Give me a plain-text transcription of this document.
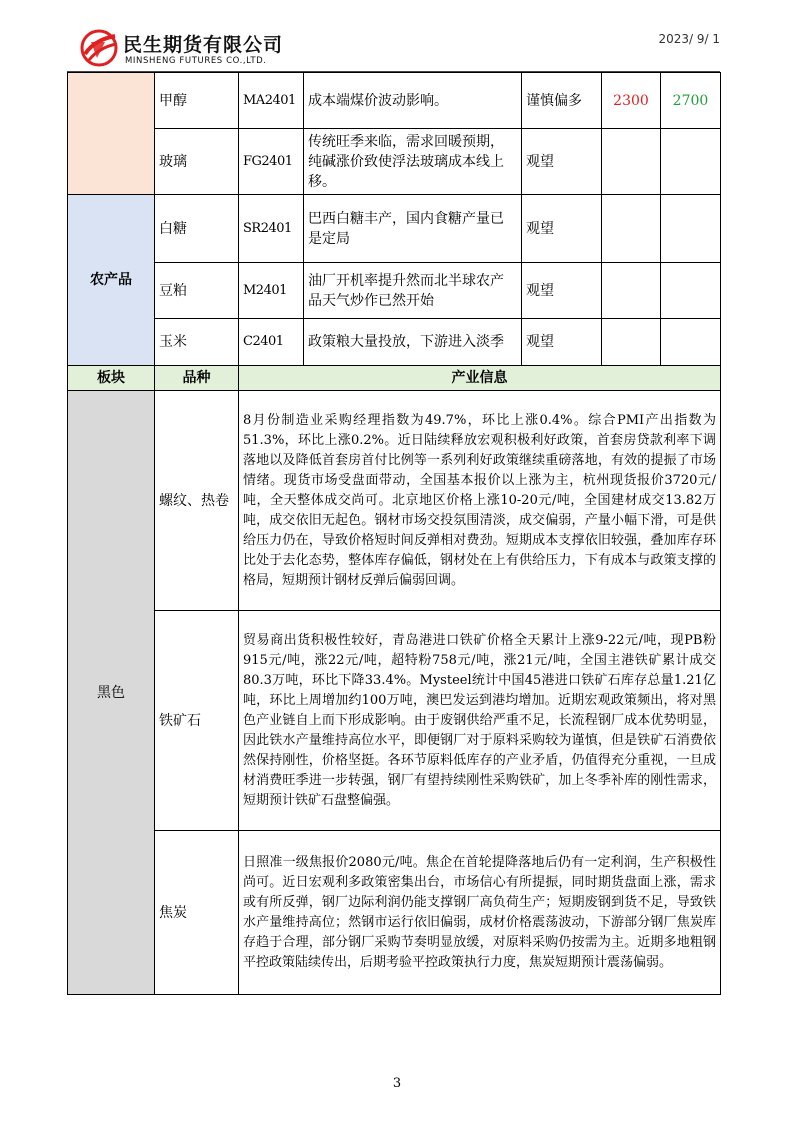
民生期货有限公司
MINSHENG FUTURES CO.,LTD.
2023/ 9/ 1
	甲醇	MA2401	成本端煤价波动影响。	谨慎偏多	2300	2700
	玻璃	FG2401	传统旺季来临，需求回暖预期，纯碱涨价致使浮法玻璃成本线上移。	观望		
农产品	白糖	SR2401	巴西白糖丰产，国内食糖产量已是定局	观望		
	豆粕	M2401	油厂开机率提升然而北半球农产品天气炒作已然开始	观望		
	玉米	C2401	政策粮大量投放，下游进入淡季	观望		
板块	品种	产业信息				
黑色	螺纹、热卷	8月份制造业采购经理指数为49.7%，环比上涨0.4%。综合PMI产出指数为51.3%，环比上涨0.2%。近日陆续释放宏观积极利好政策，首套房贷款利率下调落地以及降低首套房首付比例等一系列利好政策继续重磅落地，有效的提振了市场情绪。现货市场受盘面带动，全国基本报价以上涨为主，杭州现货报价3720元/吨，全天整体成交尚可。北京地区价格上涨10-20元/吨，全国建材成交13.82万吨，成交依旧无起色。钢材市场交投氛围清淡，成交偏弱，产量小幅下滑，可是供给压力仍在，导致价格短时间反弹相对费劲。短期成本支撑依旧较强，叠加库存环比处于去化态势，整体库存偏低，钢材处在上有供给压力，下有成本与政策支撑的格局，短期预计钢材反弹后偏弱回调。				
	铁矿石	贸易商出货积极性较好，青岛港进口铁矿价格全天累计上涨9-22元/吨，现PB粉915元/吨，涨22元/吨，超特粉758元/吨，涨21元/吨，全国主港铁矿累计成交80.3万吨，环比下降33.4%。Mysteel统计中国45港进口铁矿石库存总量1.21亿吨，环比上周增加约100万吨，澳巴发运到港均增加。近期宏观政策频出，将对黑色产业链自上而下形成影响。由于废钢供给严重不足，长流程钢厂成本优势明显，因此铁水产量维持高位水平，即便钢厂对于原料采购较为谨慎，但是铁矿石消费依然保持刚性，价格坚挺。各环节原料低库存的产业矛盾，仍值得充分重视，一旦成材消费旺季进一步转强，钢厂有望持续刚性采购铁矿，加上冬季补库的刚性需求，短期预计铁矿石盘整偏强。				
	焦炭	日照准一级焦报价2080元/吨。焦企在首轮提降落地后仍有一定利润，生产积极性尚可。近日宏观利多政策密集出台，市场信心有所提振，同时期货盘面上涨，需求或有所反弹，钢厂边际利润仍能支撑钢厂高负荷生产；短期废钢到货不足，导致铁水产量维持高位；然钢市运行依旧偏弱，成材价格震荡波动，下游部分钢厂焦炭库存趋于合理，部分钢厂采购节奏明显放缓，对原料采购仍按需为主。近期多地粗钢平控政策陆续传出，后期考验平控政策执行力度，焦炭短期预计震荡偏弱。				
3
